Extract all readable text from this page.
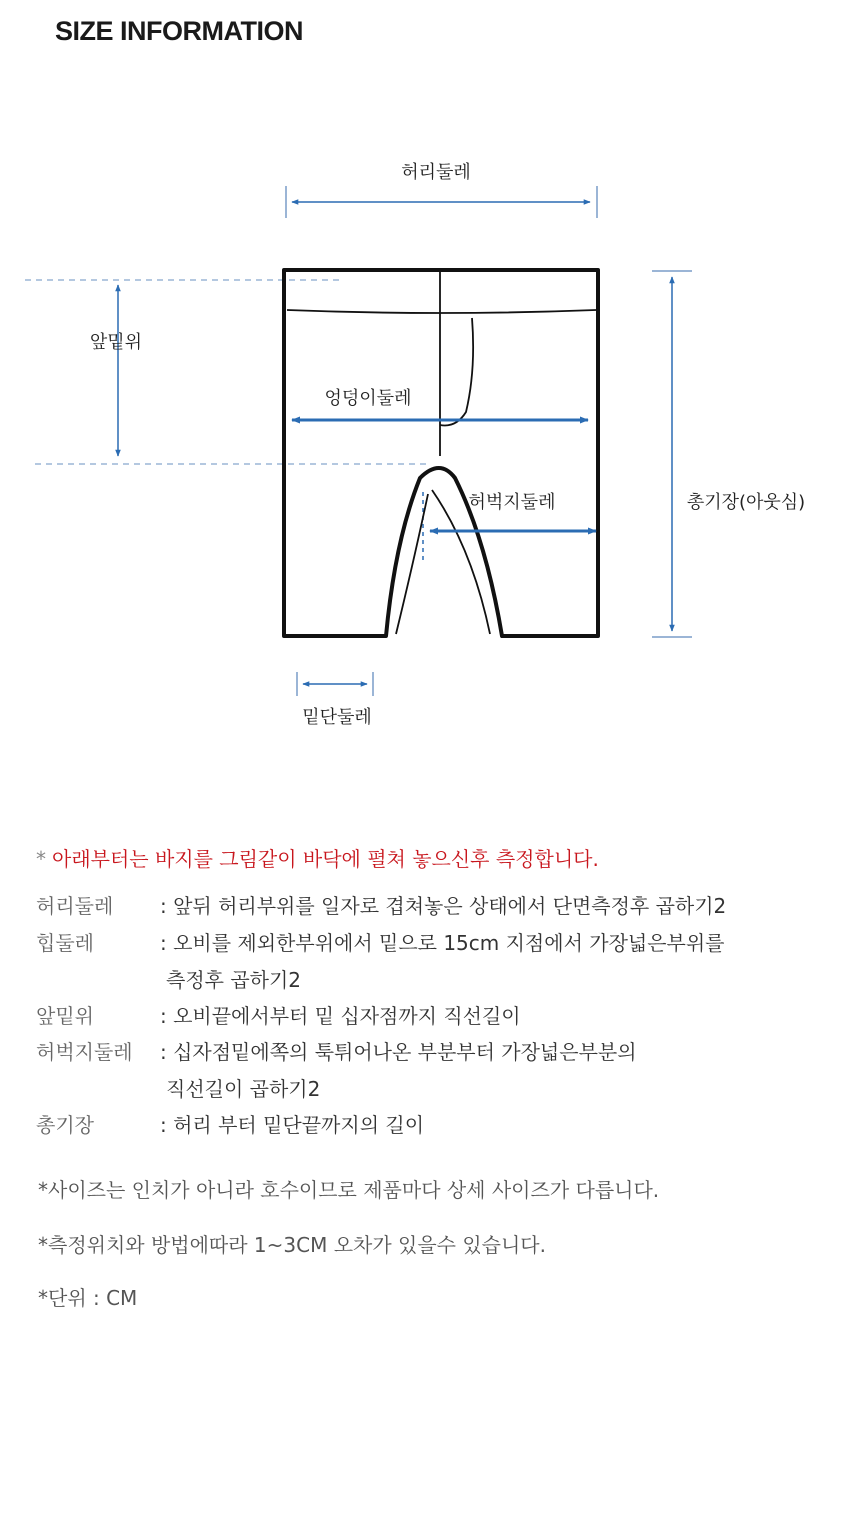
SIZE INFORMATION
허리둘레
앞밑위
엉덩이둘레
허벅지둘레	총기장(아웃심)
밑단둘레
* 아래부터는 바지를 그림같이 바닥에 펼쳐 놓으신후 측정합니다.
허리둘레 : 앞뒤 허리부위를 일자로 겹쳐놓은 상태에서 단면측정후 곱하기2
힙둘레	: 오비를 제외한부위에서 밑으로 15cm 지점에서 가장넓은부위를
측정후 곱하기2
앞밑위	: 오비끝에서부터 밑 십자점까지 직선길이
허벅지둘레 : 십자점밑에쪽의 툭튀어나온 부분부터 가장넓은부분의
직선길이 곱하기2
총기장	: 허리 부터 밑단끝까지의 길이
*사이즈는 인치가 아니라 호수이므로 제품마다 상세 사이즈가 다릅니다.
*측정위치와 방법에따라 1~3CM 오차가 있을수 있습니다.
*단위 : CM
